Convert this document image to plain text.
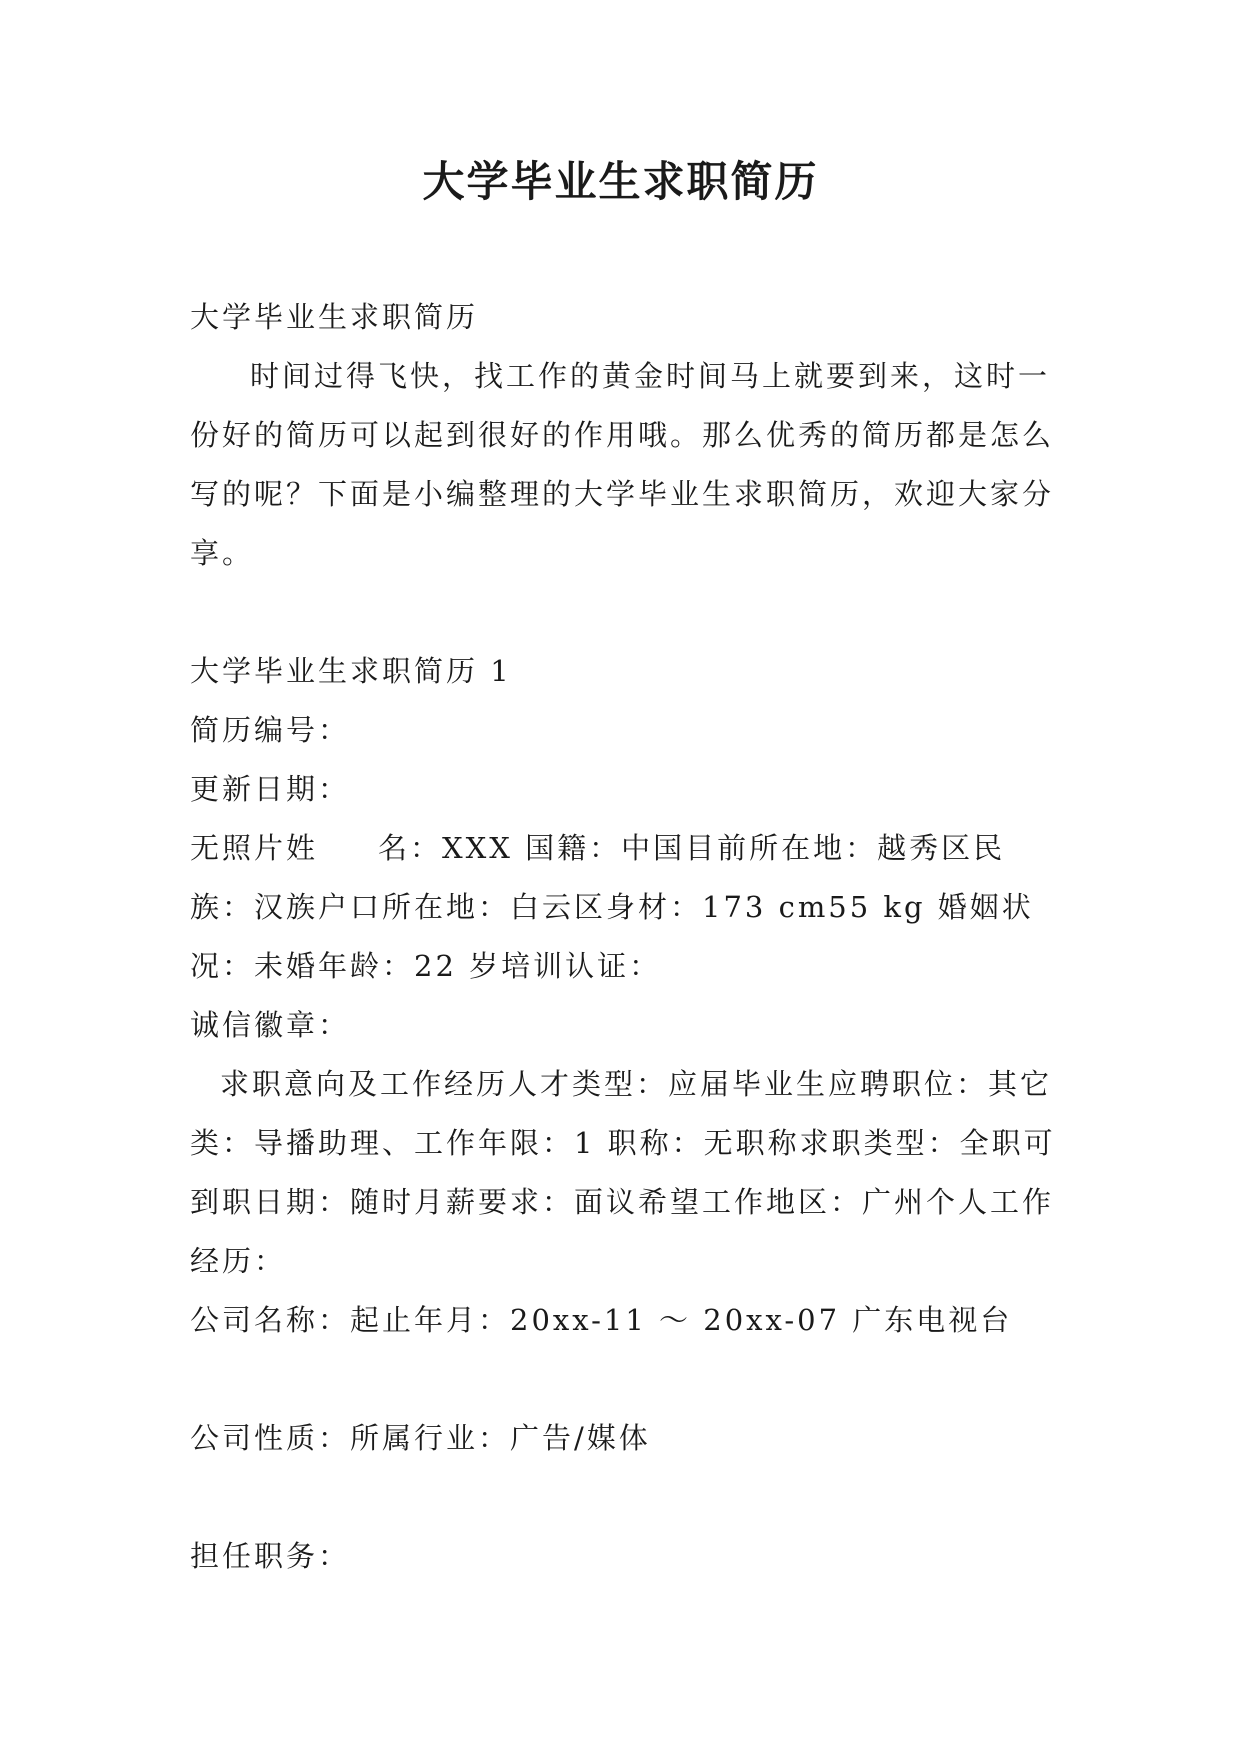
大学毕业生求职简历

大学毕业生求职简历

时间过得飞快，找工作的黄金时间马上就要到来，这时一份好的简历可以起到很好的作用哦。那么优秀的简历都是怎么写的呢？下面是小编整理的大学毕业生求职简历，欢迎大家分享。

大学毕业生求职简历 1

简历编号：

更新日期：

无照片姓 名：XXX 国籍：中国目前所在地：越秀区民族：汉族户口所在地：白云区身材：173 cm55 kg 婚姻状况：未婚年龄：22 岁培训认证：

诚信徽章：

求职意向及工作经历人才类型：应届毕业生应聘职位：其它类：导播助理、工作年限：1 职称：无职称求职类型：全职可到职日期：随时月薪要求：面议希望工作地区：广州个人工作经历：

公司名称：起止年月：20xx-11 ～ 20xx-07 广东电视台

公司性质：所属行业：广告/媒体

担任职务：
